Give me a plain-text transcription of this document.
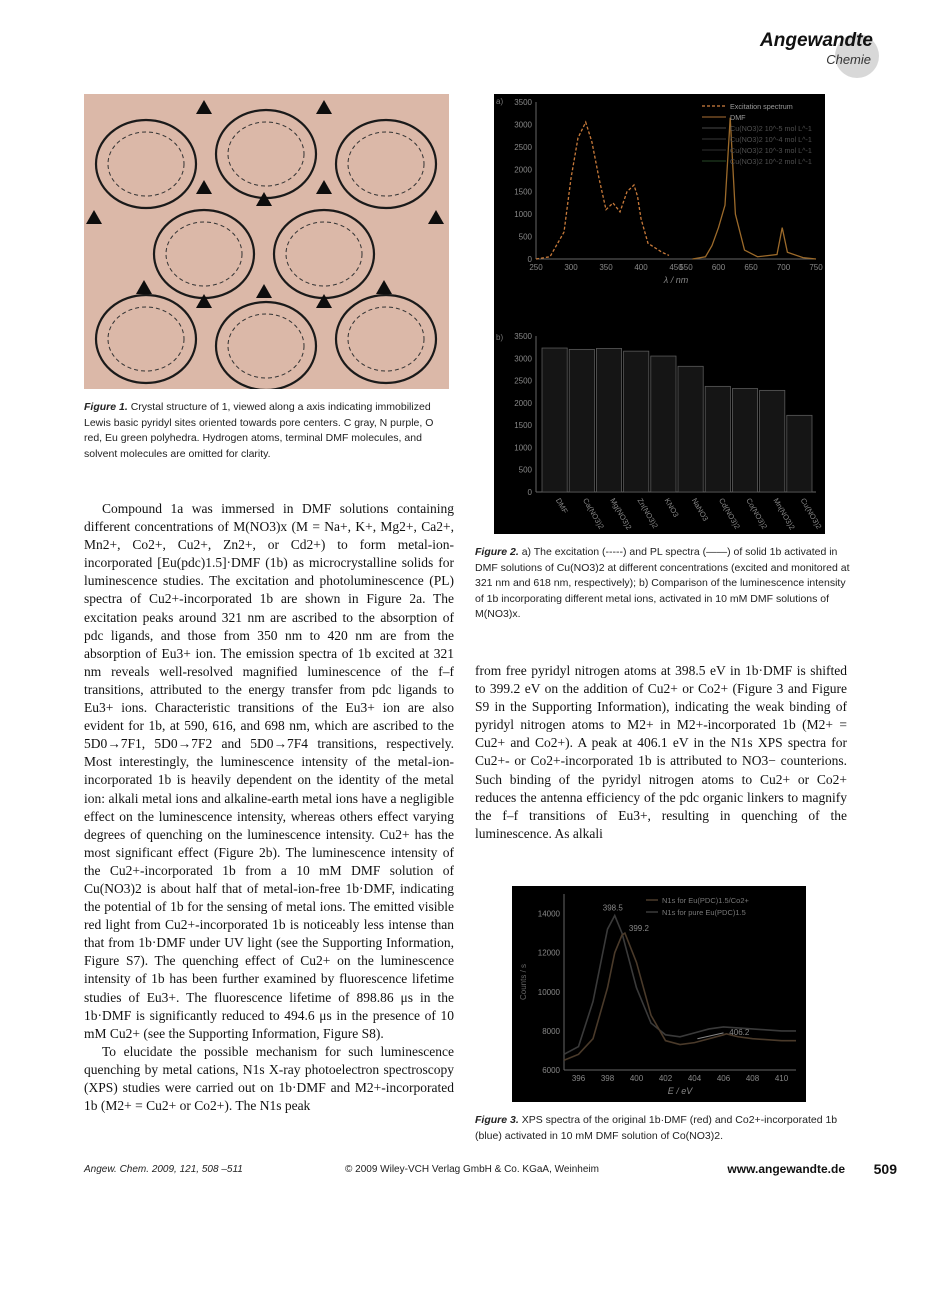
Angewandte
Chemie
Figure 1. Crystal structure of 1, viewed along a axis indicating immobilized Lewis basic pyridyl sites oriented towards pore centers. C gray, N purple, O red, Eu green polyhedra. Hydrogen atoms, terminal DMF molecules, and solvent molecules are omitted for clarity.
a)
0
500
1000
1500
2000
2500
3000
3500
250	300	350	400	450
550 600 650 700 750
λ / nm
Excitation spectrum
DMF
Cu(NO3)2 10^-5 mol L^-1
Cu(NO3)2 10^-4 mol L^-1
Cu(NO3)2 10^-3 mol L^-1
Cu(NO3)2 10^-2 mol L^-1
b)
0
500
1000
1500
2000
2500
3000
3500
DMF Ca(NO3)2 Mg(NO3)2 Zn(NO3)2 KNO3 NaNO3 Cd(NO3)2 Co(NO3)2 Mn(NO3)2 Cu(NO3)2
Figure 2. a) The excitation (-----) and PL spectra (——) of solid 1b activated in DMF solutions of Cu(NO3)2 at different concentrations (excited and monitored at 321 nm and 618 nm, respectively); b) Comparison of the luminescence intensity of 1b incorporating different metal ions, activated in 10 mM DMF solutions of M(NO3)x.

Compound 1a was immersed in DMF solutions containing different concentrations of M(NO3)x (M = Na+, K+, Mg2+, Ca2+, Mn2+, Co2+, Cu2+, Zn2+, or Cd2+) to form metal-ion-incorporated [Eu(pdc)1.5]·DMF (1b) as microcrystalline solids for luminescence studies. The excitation and photoluminescence (PL) spectra of Cu2+-incorporated 1b are shown in Figure 2a. The excitation peaks around 321 nm are ascribed to the absorption of pdc ligands, and those from 350 nm to 420 nm are from the absorption of Eu3+ ion. The emission spectra of 1b excited at 321 nm reveals well-resolved magnified luminescence of the f–f transitions, attributed to the energy transfer from pdc ligands to Eu3+ ions. Characteristic transitions of the Eu3+ ion are also evident for 1b, at 590, 616, and 698 nm, which are ascribed to the 5D0→7F1, 5D0→7F2 and 5D0→7F4 transitions, respectively. Most interestingly, the luminescence intensity of the metal-ion-incorporated 1b is heavily dependent on the identity of the metal ion: alkali metal ions and alkaline-earth metal ions have a negligible effect on the luminescence intensity, whereas others effect varying degrees of quenching on the luminescence intensity. Cu2+ has the most significant effect (Figure 2b). The luminescence intensity of the Cu2+-incorporated 1b from a 10 mM DMF solution of Cu(NO3)2 is about half that of metal-ion-free 1b·DMF, indicating the potential of 1b for the sensing of metal ions. The emitted visible red light from Cu2+-incorporated 1b is noticeably less intense than that from 1b·DMF under UV light (see the Supporting Information, Figure S7). The quenching effect of Cu2+ on the luminescence intensity of 1b has been further examined by fluorescence lifetime studies of Eu3+. The fluorescence lifetime of 898.86 μs in the 1b·DMF is significantly reduced to 494.6 μs in the presence of 10 mM Cu2+ (see the Supporting Information, Figure S8).

To elucidate the possible mechanism for such luminescence quenching by metal cations, N1s X-ray photoelectron spectroscopy (XPS) studies were carried out on 1b·DMF and M2+-incorporated 1b (M2+ = Cu2+ or Co2+). The N1s peak

from free pyridyl nitrogen atoms at 398.5 eV in 1b·DMF is shifted to 399.2 eV on the addition of Cu2+ or Co2+ (Figure 3 and Figure S9 in the Supporting Information), indicating the weak binding of pyridyl nitrogen atoms to M2+ in M2+-incorporated 1b (M2+ = Cu2+ and Co2+). A peak at 406.1 eV in the N1s XPS spectra for Cu2+- or Co2+-incorporated 1b is attributed to NO3− counterions. Such binding of the pyridyl nitrogen atoms to Cu2+ or Co2+ reduces the antenna efficiency of the pdc organic linkers to magnify the f–f transitions of Eu3+, resulting in quenching of the luminescence. As alkali

6000
8000
10000
12000
14000
396 398 400 402 404 406 408 410
E / eV
Counts / s
398.5
399.2
406.2
N1s for Eu(PDC)1.5/Co2+
N1s for pure Eu(PDC)1.5
Figure 3. XPS spectra of the original 1b·DMF (red) and Co2+-incorporated 1b (blue) activated in 10 mM DMF solution of Co(NO3)2.
Angew. Chem. 2009, 121, 508 –511	© 2009 Wiley-VCH Verlag GmbH & Co. KGaA, Weinheim	www.angewandte.de 509
